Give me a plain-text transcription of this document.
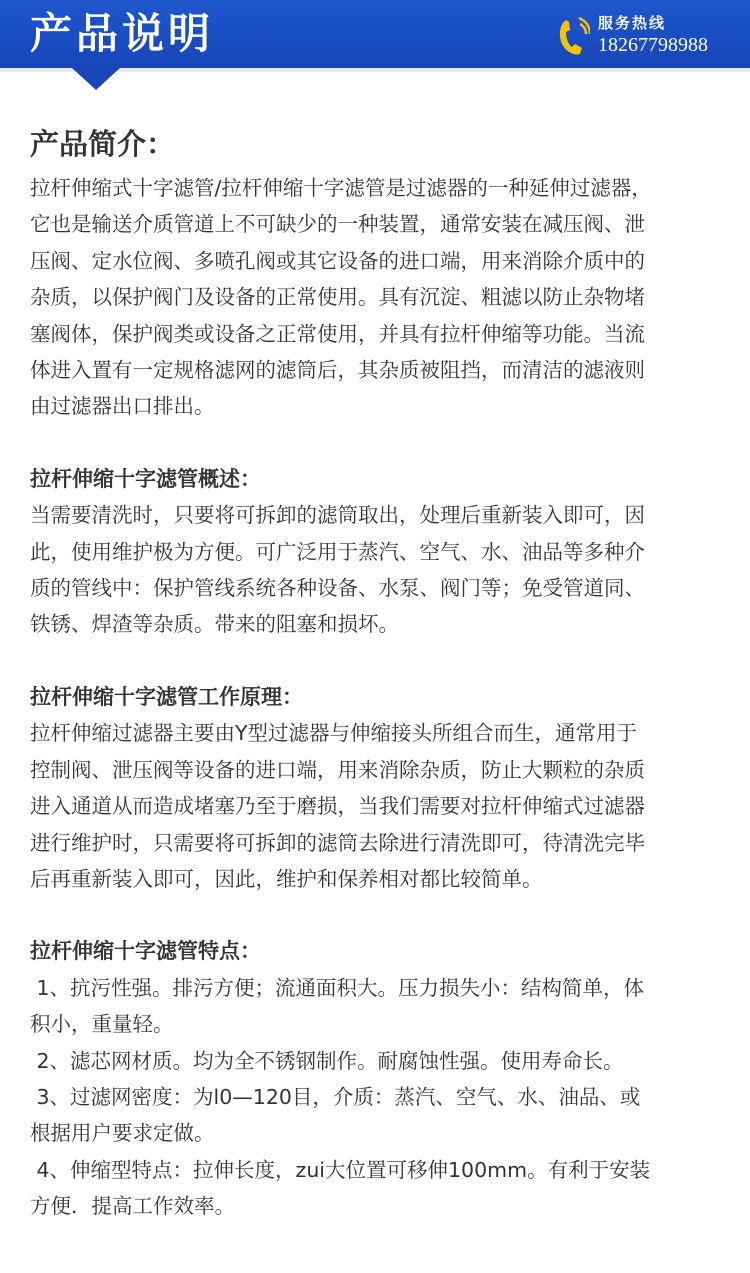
产品说明	服务热线
18267798988
产品简介：

拉杆伸缩式十字滤管/拉杆伸缩十字滤管是过滤器的一种延伸过滤器，

它也是输送介质管道上不可缺少的一种装置，通常安装在减压阀、泄

压阀、定水位阀、多喷孔阀或其它设备的进口端，用来消除介质中的

杂质，以保护阀门及设备的正常使用。具有沉淀、粗滤以防止杂物堵

塞阀体，保护阀类或设备之正常使用，并具有拉杆伸缩等功能。当流

体进入置有一定规格滤网的滤筒后，其杂质被阻挡，而清洁的滤液则

由过滤器出口排出。

拉杆伸缩十字滤管概述：

当需要清洗时，只要将可拆卸的滤筒取出，处理后重新装入即可，因

此，使用维护极为方便。可广泛用于蒸汽、空气、水、油品等多种介

质的管线中：保护管线系统各种设备、水泵、阀门等；免受管道同、

铁锈、焊渣等杂质。带来的阻塞和损坏。

拉杆伸缩十字滤管工作原理：

拉杆伸缩过滤器主要由Y型过滤器与伸缩接头所组合而生，通常用于

控制阀、泄压阀等设备的进口端，用来消除杂质，防止大颗粒的杂质

进入通道从而造成堵塞乃至于磨损，当我们需要对拉杆伸缩式过滤器

进行维护时，只需要将可拆卸的滤筒去除进行清洗即可，待清洗完毕

后再重新装入即可，因此，维护和保养相对都比较简单。

拉杆伸缩十字滤管特点：

1、抗污性强。排污方便；流通面积大。压力损失小：结构简单，体

积小，重量轻。

2、滤芯网材质。均为全不锈钢制作。耐腐蚀性强。使用寿命长。

3、过滤网密度：为l0—120目，介质：蒸汽、空气、水、油品、或

根据用户要求定做。

4、伸缩型特点：拉伸长度，zui大位置可移伸100mm。有利于安装

方便．提高工作效率。
